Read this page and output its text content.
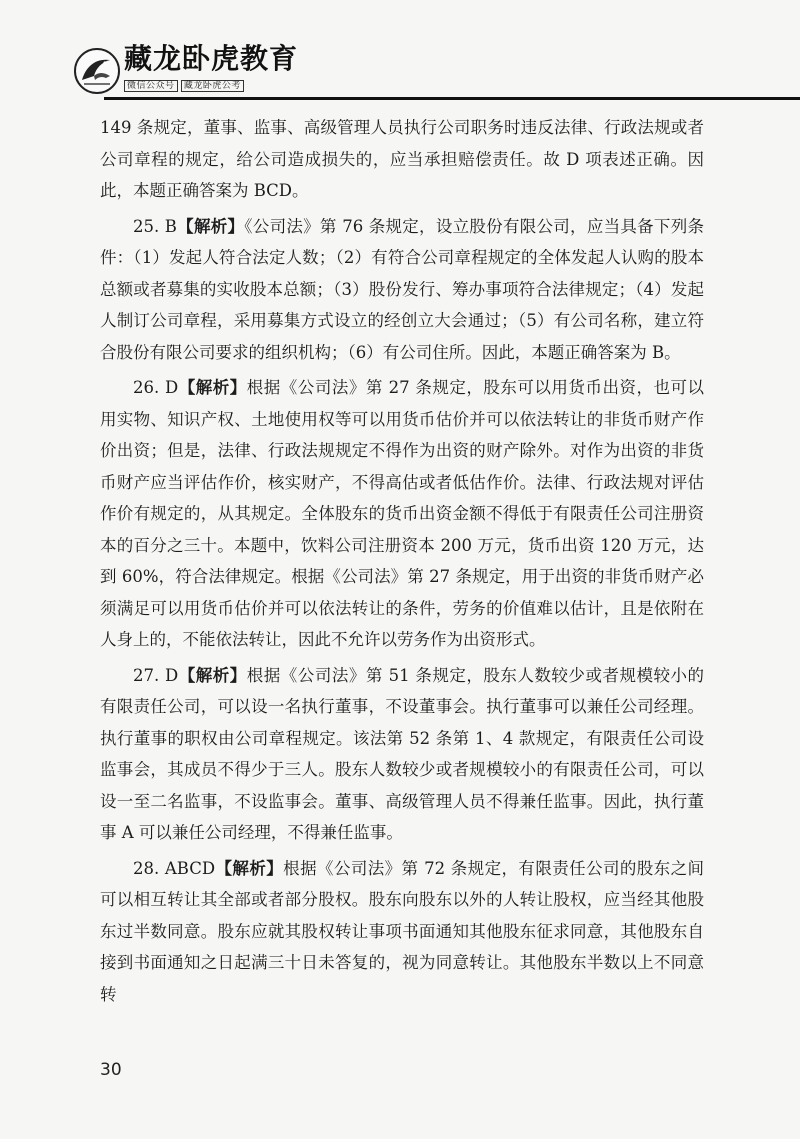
藏龙卧虎教育
微信公众号 藏龙卧虎公考

149 条规定，董事、监事、高级管理人员执行公司职务时违反法律、行政法规或者公司章程的规定，给公司造成损失的，应当承担赔偿责任。故 D 项表述正确。因此，本题正确答案为 BCD。

25. B【解析】《公司法》第 76 条规定，设立股份有限公司，应当具备下列条件：（1）发起人符合法定人数；（2）有符合公司章程规定的全体发起人认购的股本总额或者募集的实收股本总额；（3）股份发行、筹办事项符合法律规定；（4）发起人制订公司章程，采用募集方式设立的经创立大会通过；（5）有公司名称，建立符合股份有限公司要求的组织机构；（6）有公司住所。因此，本题正确答案为 B。

26. D【解析】根据《公司法》第 27 条规定，股东可以用货币出资，也可以用实物、知识产权、土地使用权等可以用货币估价并可以依法转让的非货币财产作价出资；但是，法律、行政法规规定不得作为出资的财产除外。对作为出资的非货币财产应当评估作价，核实财产，不得高估或者低估作价。法律、行政法规对评估作价有规定的，从其规定。全体股东的货币出资金额不得低于有限责任公司注册资本的百分之三十。本题中，饮料公司注册资本 200 万元，货币出资 120 万元，达到 60%，符合法律规定。根据《公司法》第 27 条规定，用于出资的非货币财产必须满足可以用货币估价并可以依法转让的条件，劳务的价值难以估计，且是依附在人身上的，不能依法转让，因此不允许以劳务作为出资形式。

27. D【解析】根据《公司法》第 51 条规定，股东人数较少或者规模较小的有限责任公司，可以设一名执行董事，不设董事会。执行董事可以兼任公司经理。执行董事的职权由公司章程规定。该法第 52 条第 1、4 款规定，有限责任公司设监事会，其成员不得少于三人。股东人数较少或者规模较小的有限责任公司，可以设一至二名监事，不设监事会。董事、高级管理人员不得兼任监事。因此，执行董事 A 可以兼任公司经理，不得兼任监事。

28. ABCD【解析】根据《公司法》第 72 条规定，有限责任公司的股东之间可以相互转让其全部或者部分股权。股东向股东以外的人转让股权，应当经其他股东过半数同意。股东应就其股权转让事项书面通知其他股东征求同意，其他股东自接到书面通知之日起满三十日未答复的，视为同意转让。其他股东半数以上不同意转

30
